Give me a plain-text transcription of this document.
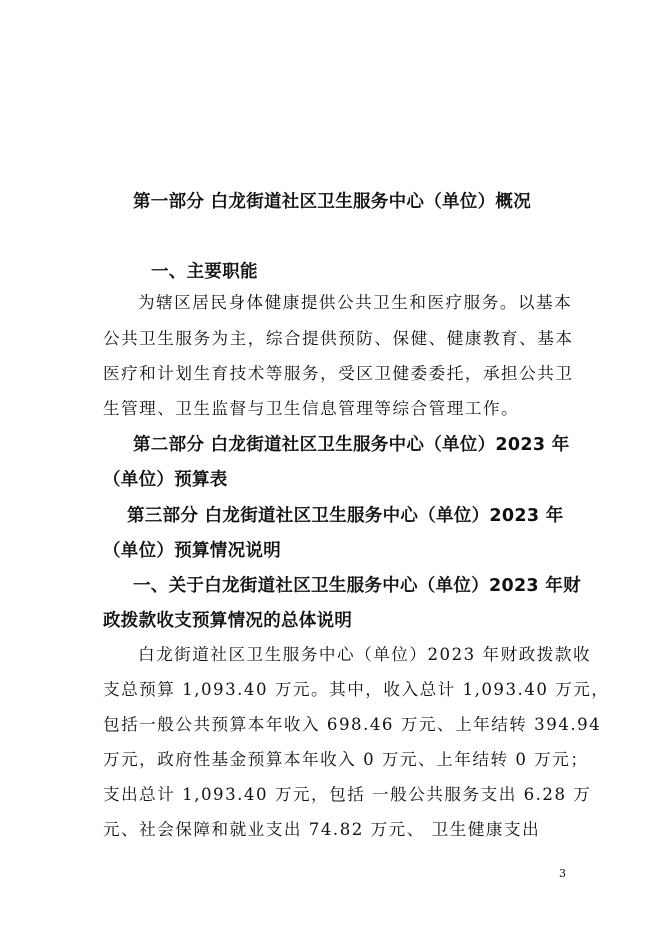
第一部分 白龙街道社区卫生服务中心（单位）概况
一、主要职能
为辖区居民身体健康提供公共卫生和医疗服务。以基本
公共卫生服务为主，综合提供预防、保健、健康教育、基本
医疗和计划生育技术等服务，受区卫健委委托，承担公共卫
生管理、卫生监督与卫生信息管理等综合管理工作。
第二部分 白龙街道社区卫生服务中心（单位）2023 年
（单位）预算表
第三部分 白龙街道社区卫生服务中心（单位）2023 年
（单位）预算情况说明
一、关于白龙街道社区卫生服务中心（单位）2023 年财
政拨款收支预算情况的总体说明
白龙街道社区卫生服务中心（单位）2023 年财政拨款收
支总预算 1,093.40 万元。其中，收入总计 1,093.40 万元，
包括一般公共预算本年收入 698.46 万元、上年结转 394.94
万元，政府性基金预算本年收入 0 万元、上年结转 0 万元；
支出总计 1,093.40 万元，包括 一般公共服务支出 6.28 万
元、社会保障和就业支出 74.82 万元、 卫生健康支出
3
